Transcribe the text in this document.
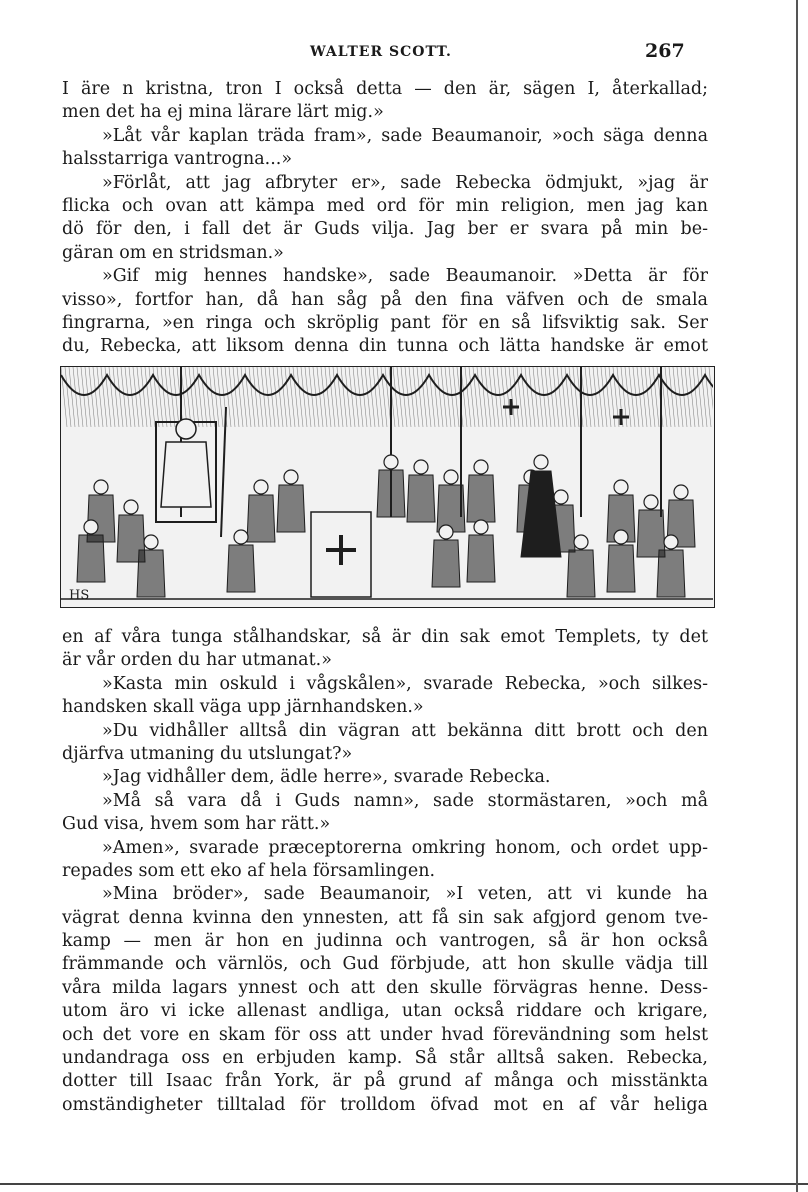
WALTER SCOTT.	267
I äre n kristna, tron I också detta — den är, sägen I, återkallad;
men det ha ej mina lärare lärt mig.»
»Låt vår kaplan träda fram», sade Beaumanoir, »och säga denna
halsstarriga vantrogna...»
»Förlåt, att jag afbryter er», sade Rebecka ödmjukt, »jag är
flicka och ovan att kämpa med ord för min religion, men jag kan
dö för den, i fall det är Guds vilja. Jag ber er svara på min be-
gäran om en stridsman.»
»Gif mig hennes handske», sade Beaumanoir. »Detta är för
visso», fortfor han, då han såg på den fina väfven och de smala
fingrarna, »en ringa och skröplig pant för en så lifsviktig sak. Ser
du, Rebecka, att liksom denna din tunna och lätta handske är emot
HS
en af våra tunga stålhandskar, så är din sak emot Templets, ty det
är vår orden du har utmanat.»
»Kasta min oskuld i vågskålen», svarade Rebecka, »och silkes-
handsken skall väga upp järnhandsken.»
»Du vidhåller alltså din vägran att bekänna ditt brott och den
djärfva utmaning du utslungat?»
»Jag vidhåller dem, ädle herre», svarade Rebecka.
»Må så vara då i Guds namn», sade stormästaren, »och må
Gud visa, hvem som har rätt.»
»Amen», svarade præceptorerna omkring honom, och ordet upp-
repades som ett eko af hela församlingen.
»Mina bröder», sade Beaumanoir, »I veten, att vi kunde ha
vägrat denna kvinna den ynnesten, att få sin sak afgjord genom tve-
kamp — men är hon en judinna och vantrogen, så är hon också
främmande och värnlös, och Gud förbjude, att hon skulle vädja till
våra milda lagars ynnest och att den skulle förvägras henne. Dess-
utom äro vi icke allenast andliga, utan också riddare och krigare,
och det vore en skam för oss att under hvad förevändning som helst
undandraga oss en erbjuden kamp. Så står alltså saken. Rebecka,
dotter till Isaac från York, är på grund af många och misstänkta
omständigheter tilltalad för trolldom öfvad mot en af vår heliga
